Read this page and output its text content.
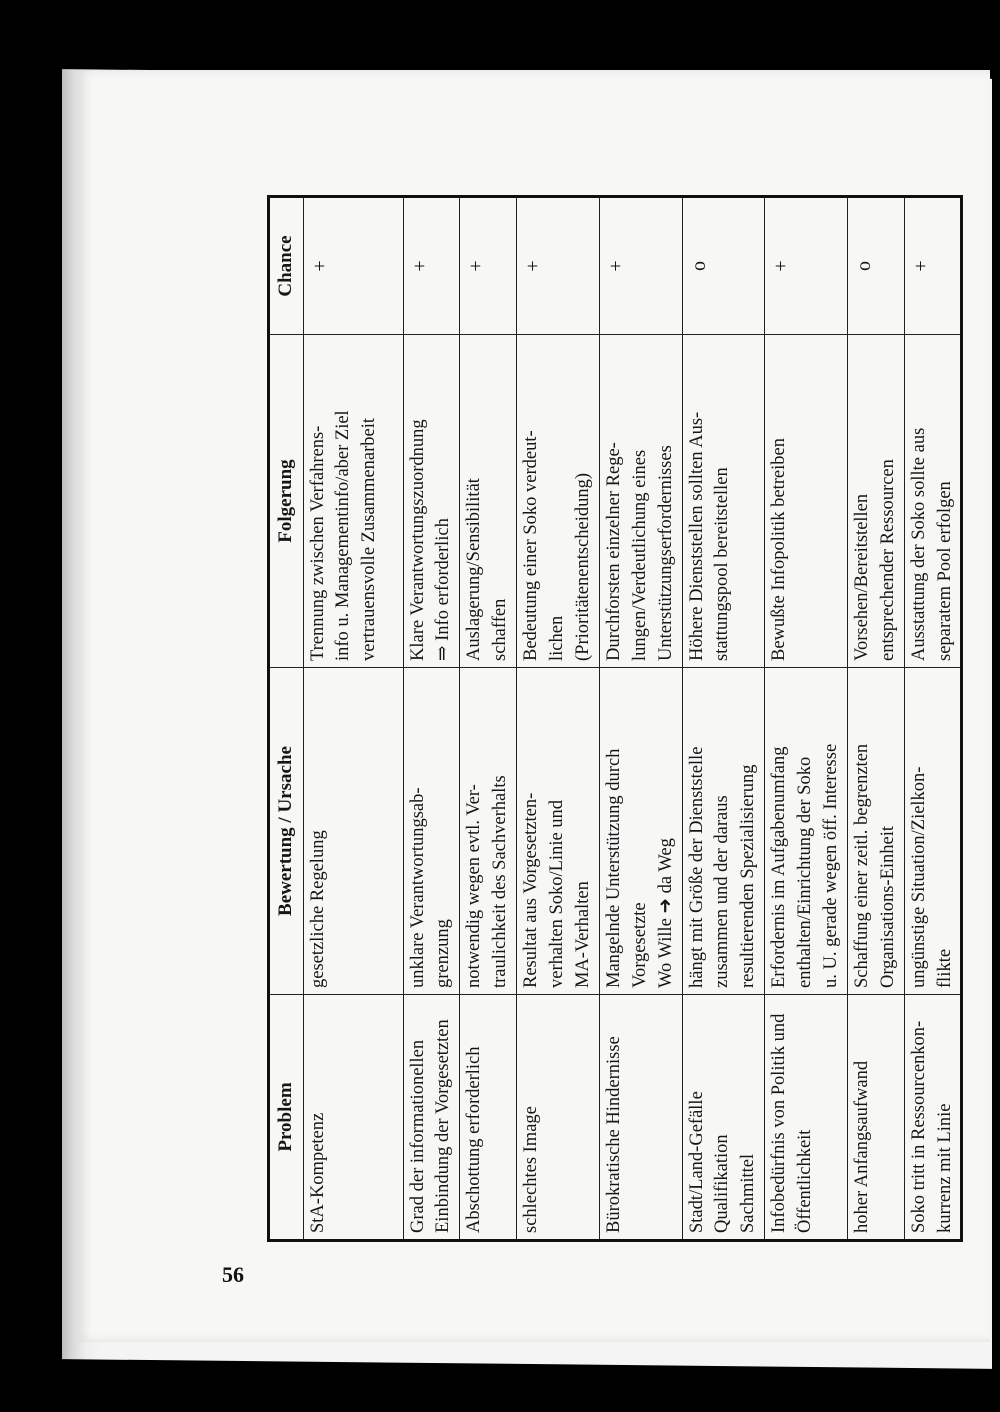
Problem	Bewertung / Ursache	Folgerung	Chance

StA-Kompetenz	gesetzliche Regelung	Trennung zwischen Verfahrens- info u. Managementinfo/aber Ziel vertrauensvolle Zusammenarbeit	+

Grad der informationellen Einbindung der Vorgesetzten	unklare Verantwortungsab- grenzung	Klare Verantwortungszuordnung ⇒ Info erforderlich	+

Abschottung erforderlich	notwendig wegen evtl. Ver- traulichkeit des Sachverhalts	Auslagerung/Sensibilität schaffen	+

schlechtes Image	Resultat aus Vorgesetzten- verhalten Soko/Linie und MA-Verhalten	Bedeutung einer Soko verdeut- lichen (Prioritätenentscheidung)	+

Bürokratische Hindernisse	Mangelnde Unterstützung durch Vorgesetzte Wo Wille ➜ da Weg	Durchforsten einzelner Rege- lungen/Verdeutlichung eines Unterstützungserfordernisses	+

Stadt/Land-Gefälle Qualifikation Sachmittel	hängt mit Größe der Dienststelle zusammen und der daraus resultierenden Spezialisierung	Höhere Dienststellen sollten Aus- stattungspool bereitstellen	o

Infobedürfnis von Politik und Öffentlichkeit	Erfordernis im Aufgabenumfang enthalten/Einrichtung der Soko u. U. gerade wegen öff. Interesse	Bewußte Infopolitik betreiben	+

hoher Anfangsaufwand	Schaffung einer zeitl. begrenzten Organisations-Einheit	Vorsehen/Bereitstellen entsprechender Ressourcen	o

Soko tritt in Ressourcenkon- kurrenz mit Linie	ungünstige Situation/Zielkon- flikte	Ausstattung der Soko sollte aus separatem Pool erfolgen	+
56
